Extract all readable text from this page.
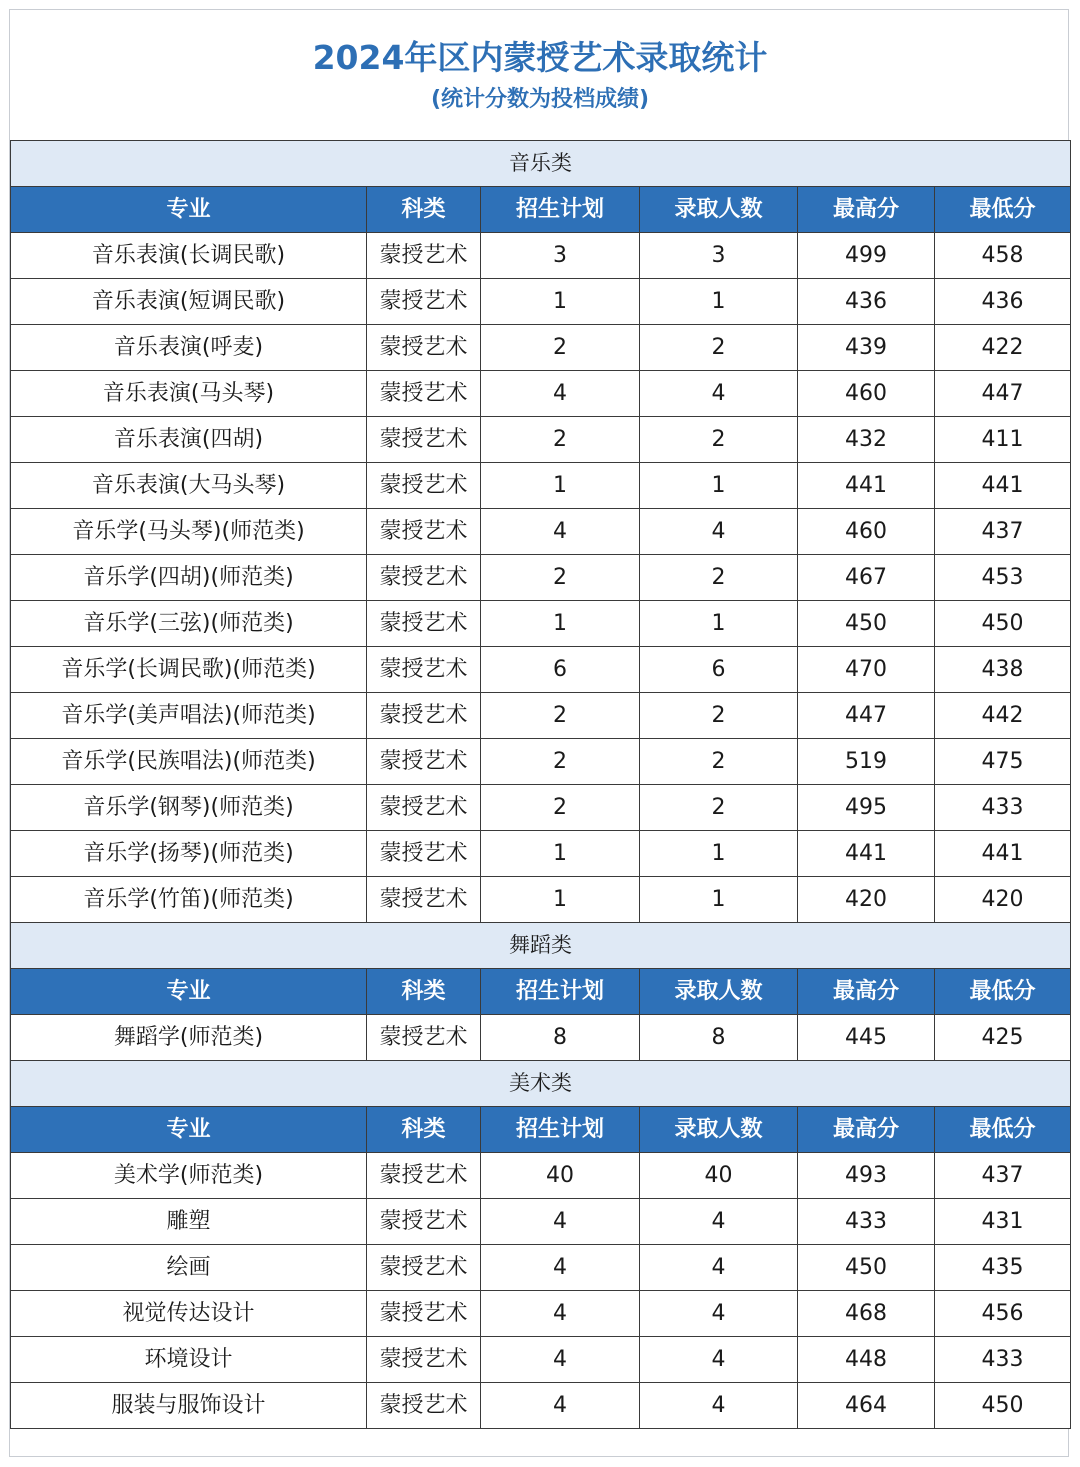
2024年区内蒙授艺术录取统计
(统计分数为投档成绩)
音乐类					
专业	科类	招生计划	录取人数	最高分	最低分
音乐表演(长调民歌)	蒙授艺术	3	3	499	458
音乐表演(短调民歌)	蒙授艺术	1	1	436	436
音乐表演(呼麦)	蒙授艺术	2	2	439	422
音乐表演(马头琴)	蒙授艺术	4	4	460	447
音乐表演(四胡)	蒙授艺术	2	2	432	411
音乐表演(大马头琴)	蒙授艺术	1	1	441	441
音乐学(马头琴)(师范类)	蒙授艺术	4	4	460	437
音乐学(四胡)(师范类)	蒙授艺术	2	2	467	453
音乐学(三弦)(师范类)	蒙授艺术	1	1	450	450
音乐学(长调民歌)(师范类)	蒙授艺术	6	6	470	438
音乐学(美声唱法)(师范类)	蒙授艺术	2	2	447	442
音乐学(民族唱法)(师范类)	蒙授艺术	2	2	519	475
音乐学(钢琴)(师范类)	蒙授艺术	2	2	495	433
音乐学(扬琴)(师范类)	蒙授艺术	1	1	441	441
音乐学(竹笛)(师范类)	蒙授艺术	1	1	420	420
舞蹈类					
专业	科类	招生计划	录取人数	最高分	最低分
舞蹈学(师范类)	蒙授艺术	8	8	445	425
美术类					
专业	科类	招生计划	录取人数	最高分	最低分
美术学(师范类)	蒙授艺术	40	40	493	437
雕塑	蒙授艺术	4	4	433	431
绘画	蒙授艺术	4	4	450	435
视觉传达设计	蒙授艺术	4	4	468	456
环境设计	蒙授艺术	4	4	448	433
服装与服饰设计	蒙授艺术	4	4	464	450
